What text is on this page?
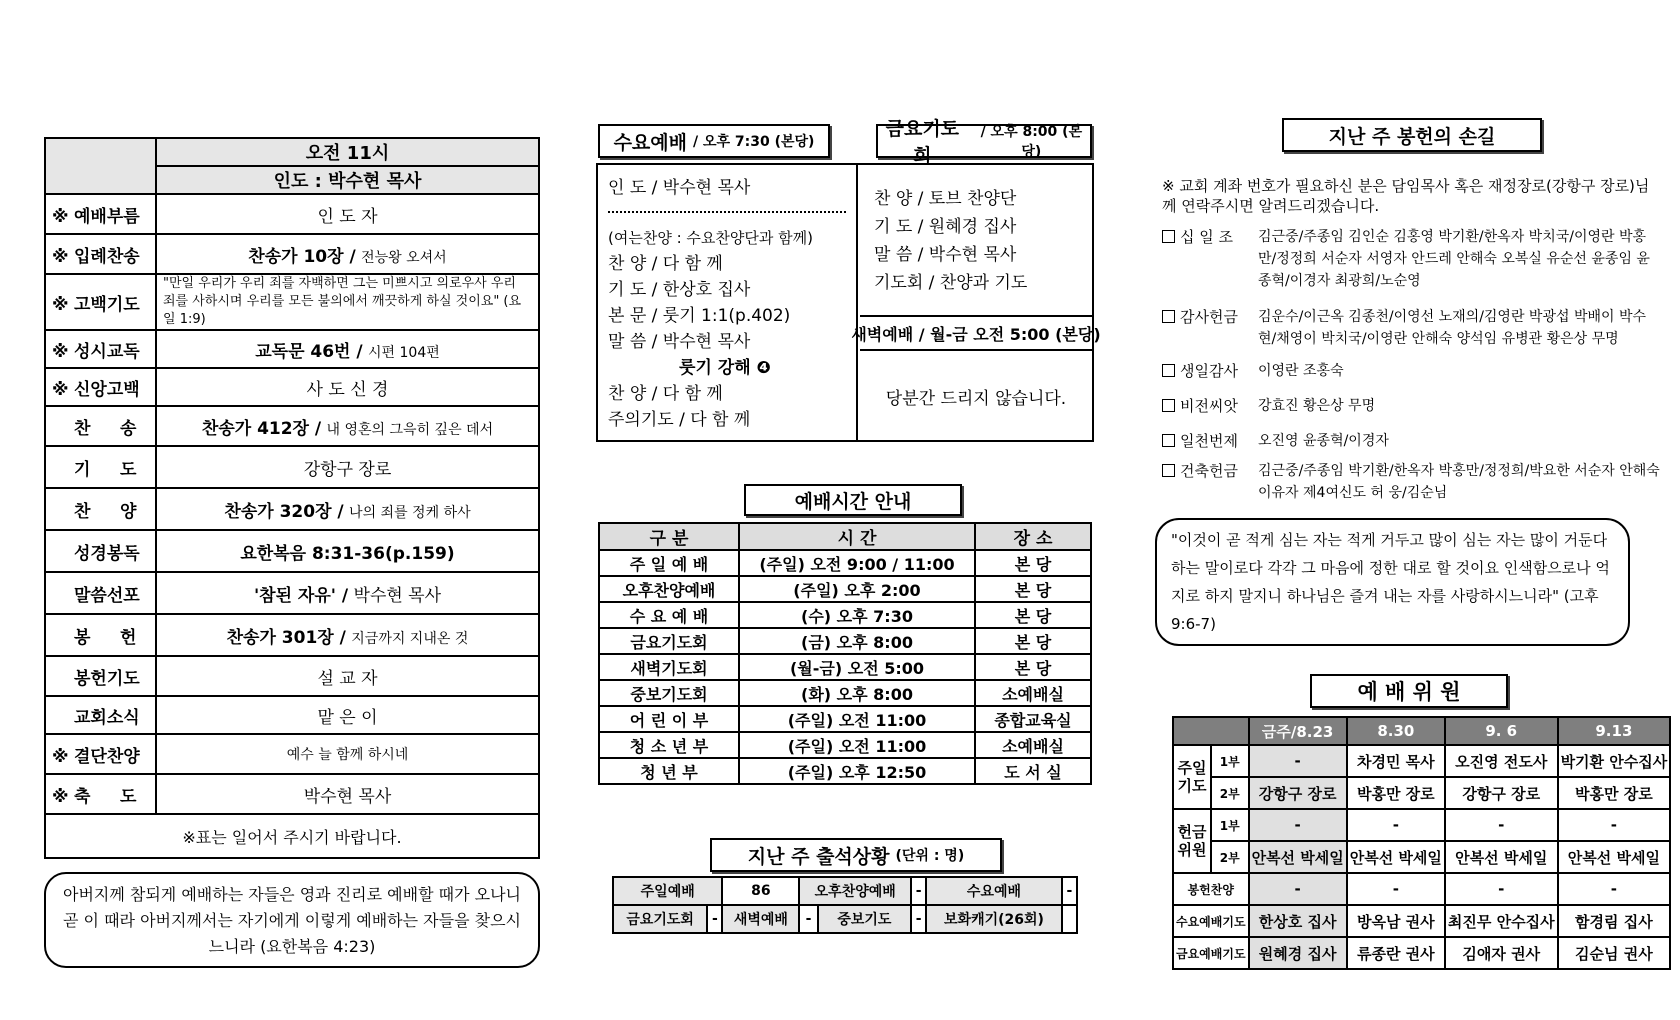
	오전 11시
	인도 : 박수현 목사
※ 예배부름	인 도 자
※ 입례찬송	찬송가 10장 / 전능왕 오셔서
※ 고백기도	"만일 우리가 우리 죄를 자백하면 그는 미쁘시고 의로우사 우리 죄를 사하시며 우리를 모든 불의에서 깨끗하게 하실 것이요" (요일 1:9)
※ 성시교독	교독문 46번 / 시편 104편
※ 신앙고백	사 도 신 경
찬     송	찬송가 412장 / 내 영혼의 그윽히 깊은 데서
기     도	강항구 장로
찬     양	찬송가 320장 / 나의 죄를 정케 하사
성경봉독	요한복음 8:31-36(p.159)
말씀선포	'참된 자유' / 박수현 목사
봉     헌	찬송가 301장 / 지금까지 지내온 것
봉헌기도	설 교 자
교회소식	맡 은 이
※ 결단찬양	예수 늘 함께 하시네
※ 축     도	박수현 목사
※표는 일어서 주시기 바랍니다.	
아버지께 참되게 예배하는 자들은 영과 진리로 예배할 때가 오나니 곧 이 때라 아버지께서는 자기에게 이렇게 예배하는 자들을 찾으시느니라 (요한복음 4:23)
수요예배 / 오후 7:30 (본당)
금요기도회
/ 오후 8:00 (본당)
인 도 / 박수현 목사
(여는찬양 : 수요찬양단과 함께)
찬 양 / 다 함 께
기 도 / 한상호 집사
본 문 / 룻기 1:1(p.402)
말 씀 / 박수현 목사
룻기 강해 ❹
찬 양 / 다 함 께
주의기도 / 다 함 께
찬 양 / 토브 찬양단
기 도 / 원혜경 집사
말 씀 / 박수현 목사
기도회 / 찬양과 기도
새벽예배 / 월-금 오전 5:00 (본당)
당분간 드리지 않습니다.
예배시간 안내
구 분	시 간	장 소
주 일 예 배	(주일) 오전 9:00 / 11:00	본 당
오후찬양예배	(주일) 오후 2:00	본 당
수 요 예 배	(수) 오후 7:30	본 당
금요기도회	(금) 오후 8:00	본 당
새벽기도회	(월-금) 오전 5:00	본 당
중보기도회	(화) 오후 8:00	소예배실
어 린 이 부	(주일) 오전 11:00	종합교육실
청 소 년 부	(주일) 오전 11:00	소예배실
청 년 부	(주일) 오후 12:50	도 서 실
지난 주 출석상황 (단위 : 명)
주일예배		86	오후찬양예배		-	수요예배	-
금요기도회	-	새벽예배	-	중보기도	-	보화캐기(26회)	
지난 주 봉헌의 손길
※ 교회 계좌 번호가 필요하신 분은 담임목사 혹은 재정장로(강항구 장로)님께 연락주시면 알려드리겠습니다.
십 일 조	김근중/주종임 김인순 김홍영 박기환/한옥자 박치국/이영란 박홍만/정정희 서순자 서영자 안드레 안해숙 오복실 유순선 윤종임 윤종혁/이경자 최광희/노순영
감사헌금	김운수/이근옥 김종천/이영선 노재의/김영란 박광섭 박배이 박수현/채영이 박치국/이영란 안해숙 양석임 유병관 황은상 무명
생일감사	이영란 조홍숙
비전씨앗	강효진 황은상 무명
일천번제	오진영 윤종혁/이경자
건축헌금	김근중/주종임 박기환/한옥자 박홍만/정정희/박요한 서순자 안해숙 이유자 제4여신도 허 웅/김순님
"이것이 곧 적게 심는 자는 적게 거두고 많이 심는 자는 많이 거둔다 하는 말이로다 각각 그 마음에 정한 대로 할 것이요 인색함으로나 억지로 하지 말지니 하나님은 즐겨 내는 자를 사랑하시느니라" (고후 9:6-7)
예 배 위 원
		금주/8.23	8.30	9. 6	9.13
주일기도	1부	-	차경민 목사	오진영 전도사	박기환 안수집사
	2부	강항구 장로	박홍만 장로	강항구 장로	박홍만 장로
헌금위원	1부	-	-	-	-
	2부	안복선 박세일	안복선 박세일	안복선 박세일	안복선 박세일
봉헌찬양		-	-	-	-
수요예배기도		한상호 집사	방옥남 권사	최진무 안수집사	함경림 집사
금요예배기도		원혜경 집사	류종란 권사	김애자 권사	김순님 권사
